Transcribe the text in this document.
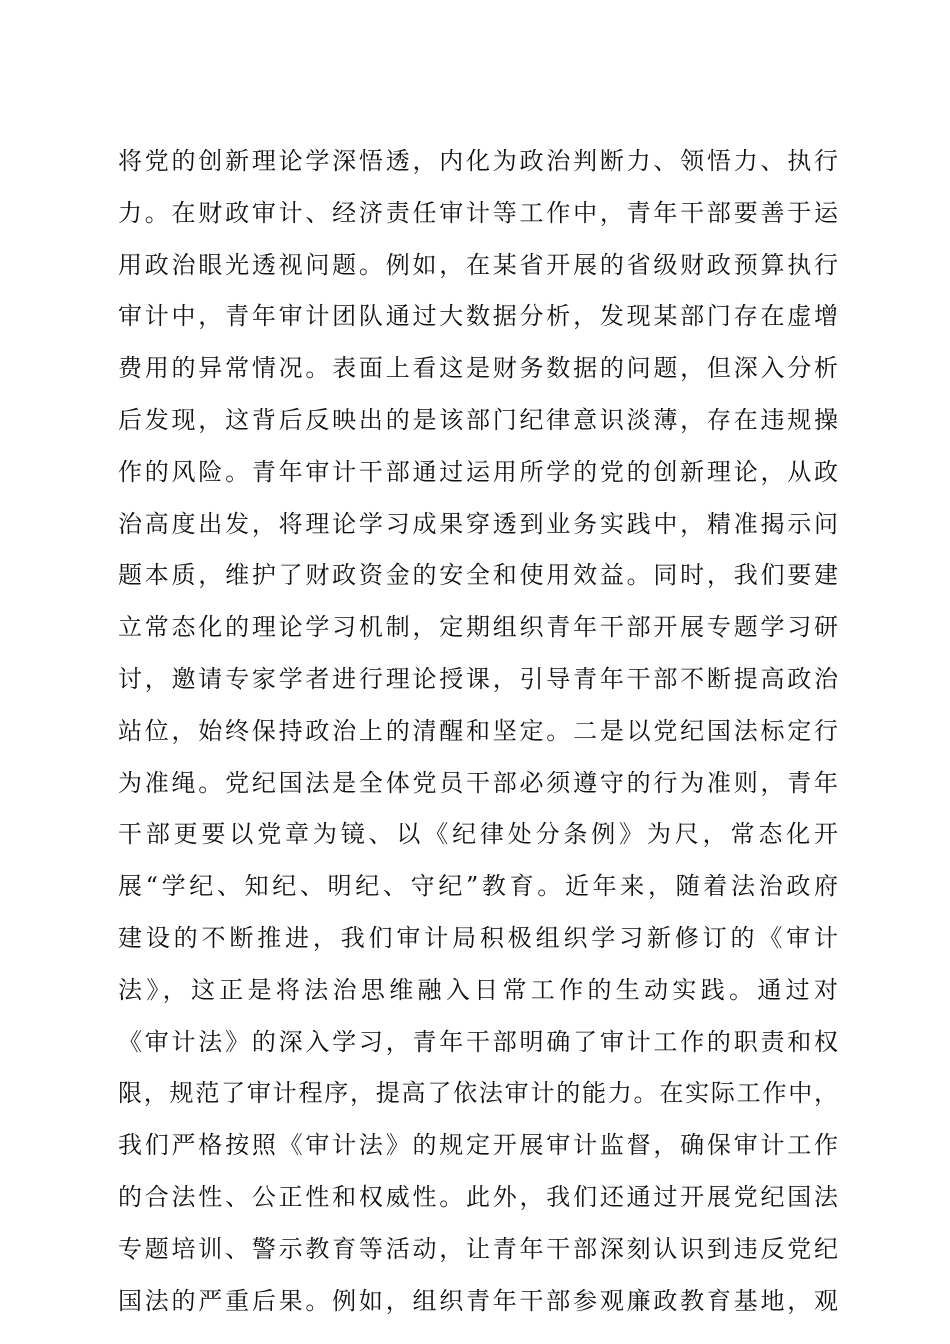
将党的创新理论学深悟透，内化为政治判断力、领悟力、执行
力。在财政审计、经济责任审计等工作中，青年干部要善于运
用政治眼光透视问题。例如，在某省开展的省级财政预算执行
审计中，青年审计团队通过大数据分析，发现某部门存在虚增
费用的异常情况。表面上看这是财务数据的问题，但深入分析
后发现，这背后反映出的是该部门纪律意识淡薄，存在违规操
作的风险。青年审计干部通过运用所学的党的创新理论，从政
治高度出发，将理论学习成果穿透到业务实践中，精准揭示问
题本质，维护了财政资金的安全和使用效益。同时，我们要建
立常态化的理论学习机制，定期组织青年干部开展专题学习研
讨，邀请专家学者进行理论授课，引导青年干部不断提高政治
站位，始终保持政治上的清醒和坚定。二是以党纪国法标定行
为准绳。党纪国法是全体党员干部必须遵守的行为准则，青年
干部更要以党章为镜、以《纪律处分条例》为尺，常态化开
展“学纪、知纪、明纪、守纪”教育。近年来，随着法治政府
建设的不断推进，我们审计局积极组织学习新修订的《审计
法》，这正是将法治思维融入日常工作的生动实践。通过对
《审计法》的深入学习，青年干部明确了审计工作的职责和权
限，规范了审计程序，提高了依法审计的能力。在实际工作中，
我们严格按照《审计法》的规定开展审计监督，确保审计工作
的合法性、公正性和权威性。此外，我们还通过开展党纪国法
专题培训、警示教育等活动，让青年干部深刻认识到违反党纪
国法的严重后果。例如，组织青年干部参观廉政教育基地，观
